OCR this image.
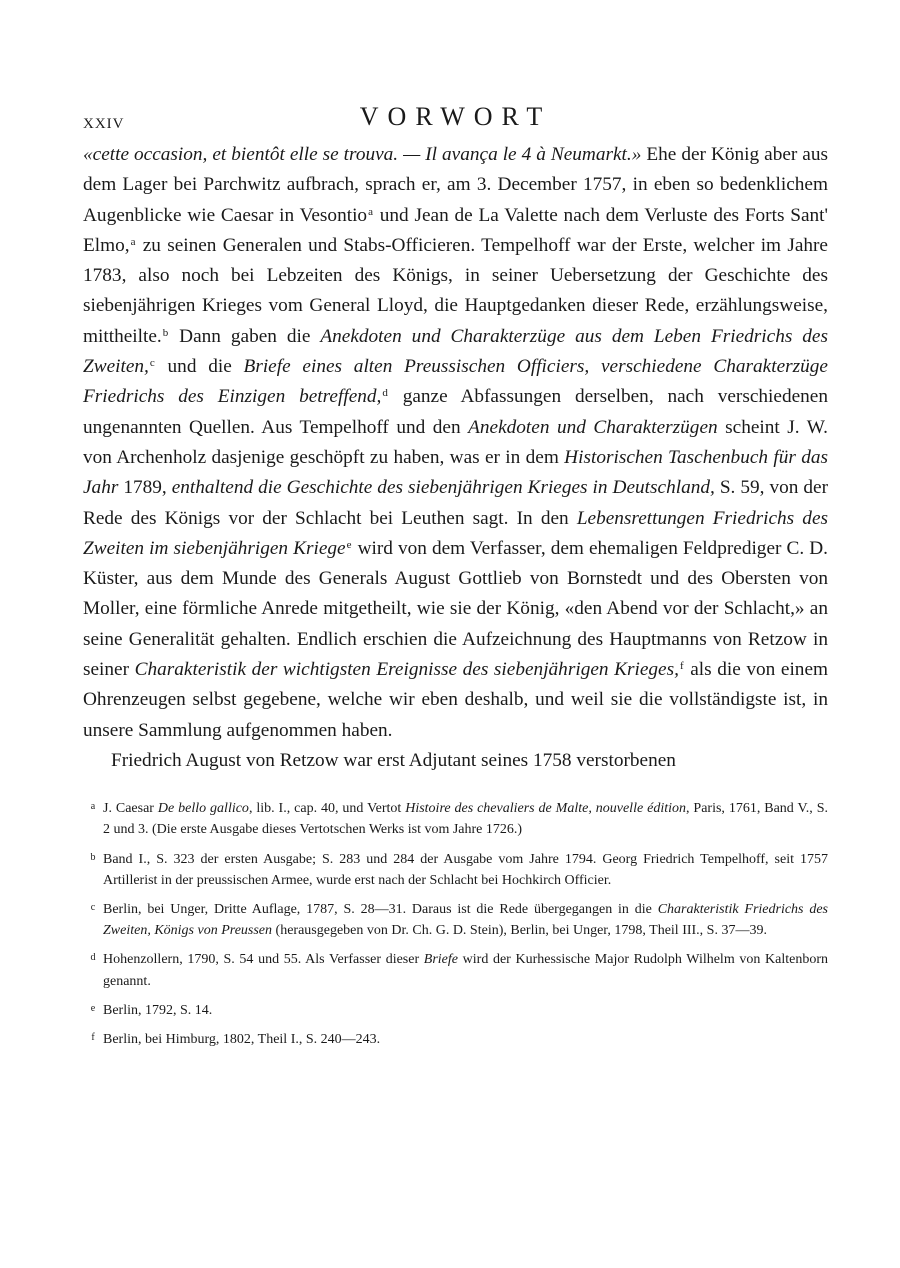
XXIV	VORWORT

«cette occasion, et bientôt elle se trouva. — Il avança le 4 à Neumarkt.» Ehe der König aber aus dem Lager bei Parchwitz aufbrach, sprach er, am 3. December 1757, in eben so bedenklichem Augenblicke wie Caesar in Vesontio$^a$ und Jean de La Valette nach dem Verluste des Forts Sant' Elmo,$^a$ zu seinen Generalen und Stabs-Officieren. Tempelhoff war der Erste, welcher im Jahre 1783, also noch bei Lebzeiten des Königs, in seiner Uebersetzung der Geschichte des siebenjährigen Krieges vom General Lloyd, die Hauptgedanken dieser Rede, erzählungsweise, mittheilte.$^b$ Dann gaben die Anekdoten und Charakterzüge aus dem Leben Friedrichs des Zweiten,$^c$ und die Briefe eines alten Preussischen Officiers, verschiedene Charakterzüge Friedrichs des Einzigen betreffend,$^d$ ganze Abfassungen derselben, nach verschiedenen ungenannten Quellen. Aus Tempelhoff und den Anekdoten und Charakterzügen scheint J. W. von Archenholz dasjenige geschöpft zu haben, was er in dem Historischen Taschenbuch für das Jahr 1789, enthaltend die Geschichte des siebenjährigen Krieges in Deutschland, S. 59, von der Rede des Königs vor der Schlacht bei Leuthen sagt. In den Lebensrettungen Friedrichs des Zweiten im siebenjährigen Kriege$^e$ wird von dem Verfasser, dem ehemaligen Feldprediger C. D. Küster, aus dem Munde des Generals August Gottlieb von Bornstedt und des Obersten von Moller, eine förmliche Anrede mitgetheilt, wie sie der König, «den Abend vor der Schlacht,» an seine Generalität gehalten. Endlich erschien die Aufzeichnung des Hauptmanns von Retzow in seiner Charakteristik der wichtigsten Ereignisse des siebenjährigen Krieges,$^f$ als die von einem Ohrenzeugen selbst gegebene, welche wir eben deshalb, und weil sie die vollständigste ist, in unsere Sammlung aufgenommen haben.

Friedrich August von Retzow war erst Adjutant seines 1758 verstorbenen

a J. Caesar De bello gallico, lib. I., cap. 40, und Vertot Histoire des chevaliers de Malte, nouvelle édition, Paris, 1761, Band V., S. 2 und 3. (Die erste Ausgabe dieses Vertotschen Werks ist vom Jahre 1726.)
b Band I., S. 323 der ersten Ausgabe; S. 283 und 284 der Ausgabe vom Jahre 1794. Georg Friedrich Tempelhoff, seit 1757 Artillerist in der preussischen Armee, wurde erst nach der Schlacht bei Hochkirch Officier.
c Berlin, bei Unger, Dritte Auflage, 1787, S. 28—31. Daraus ist die Rede übergegangen in die Charakteristik Friedrichs des Zweiten, Königs von Preussen (herausgegeben von Dr. Ch. G. D. Stein), Berlin, bei Unger, 1798, Theil III., S. 37—39.
d Hohenzollern, 1790, S. 54 und 55. Als Verfasser dieser Briefe wird der Kurhessische Major Rudolph Wilhelm von Kaltenborn genannt.
e Berlin, 1792, S. 14.
f Berlin, bei Himburg, 1802, Theil I., S. 240—243.
